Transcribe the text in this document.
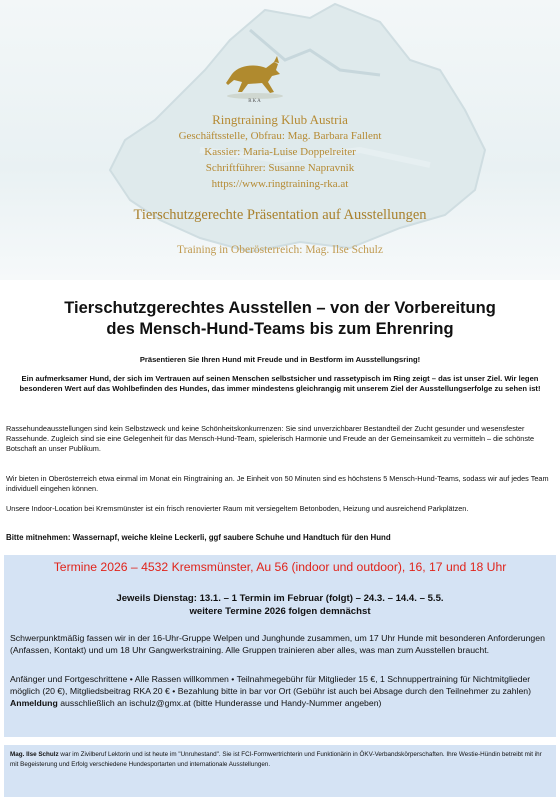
RKA
Ringtraining Klub Austria
Geschäftsstelle, Obfrau: Mag. Barbara Fallent
Kassier: Maria-Luise Doppelreiter
Schriftführer: Susanne Napravnik
https://www.ringtraining-rka.at
Tierschutzgerechte Präsentation auf Ausstellungen
Training in Oberösterreich: Mag. Ilse Schulz
Tierschutzgerechtes Ausstellen – von der Vorbereitung
des Mensch-Hund-Teams bis zum Ehrenring

Präsentieren Sie Ihren Hund mit Freude und in Bestform im Ausstellungsring!

Ein aufmerksamer Hund, der sich im Vertrauen auf seinen Menschen selbstsicher und rassetypisch im Ring zeigt – das ist unser Ziel. Wir legen besonderen Wert auf das Wohlbefinden des Hundes, das immer mindestens gleichrangig mit unserem Ziel der Ausstellungserfolge zu sehen ist!

Rassehundeausstellungen sind kein Selbstzweck und keine Schönheitskonkurrenzen: Sie sind unverzichbarer Bestandteil der Zucht gesunder und wesensfester Rassehunde. Zugleich sind sie eine Gelegenheit für das Mensch-Hund-Team, spielerisch Harmonie und Freude an der Gemeinsamkeit zu vermitteln – die schönste Botschaft an unser Publikum.

Wir bieten in Oberösterreich etwa einmal im Monat ein Ringtraining an. Je Einheit von 50 Minuten sind es höchstens 5 Mensch-Hund-Teams, sodass wir auf jedes Team individuell eingehen können.

Unsere Indoor-Location bei Kremsmünster ist ein frisch renovierter Raum mit versiegeltem Betonboden, Heizung und ausreichend Parkplätzen.

Bitte mitnehmen: Wassernapf, weiche kleine Leckerli, ggf saubere Schuhe und Handtuch für den Hund

Termine 2026 – 4532 Kremsmünster, Au 56 (indoor und outdoor), 16, 17 und 18 Uhr

Jeweils Dienstag: 13.1. – 1 Termin im Februar (folgt) – 24.3. – 14.4. – 5.5.
weitere Termine 2026 folgen demnächst

Schwerpunktmäßig fassen wir in der 16-Uhr-Gruppe Welpen und Junghunde zusammen, um 17 Uhr Hunde mit besonderen Anforderungen (Anfassen, Kontakt) und um 18 Uhr Gangwerkstraining. Alle Gruppen trainieren aber alles, was man zum Ausstellen braucht.

Anfänger und Fortgeschrittene • Alle Rassen willkommen • Teilnahmegebühr für Mitglieder 15 €, 1 Schnuppertraining für Nichtmitglieder möglich (20 €), Mitgliedsbeitrag RKA 20 € • Bezahlung bitte in bar vor Ort (Gebühr ist auch bei Absage durch den Teilnehmer zu zahlen)
Anmeldung ausschließlich an ischulz@gmx.at (bitte Hunderasse und Handy-Nummer angeben)

Mag. Ilse Schulz war im Zivilberuf Lektorin und ist heute im "Unruhestand". Sie ist FCI-Formwertrichterin und Funktionärin in ÖKV-Verbandskörperschaften. Ihre Westie-Hündin betreibt mit ihr mit Begeisterung und Erfolg verschiedene Hundesportarten und internationale Ausstellungen.
